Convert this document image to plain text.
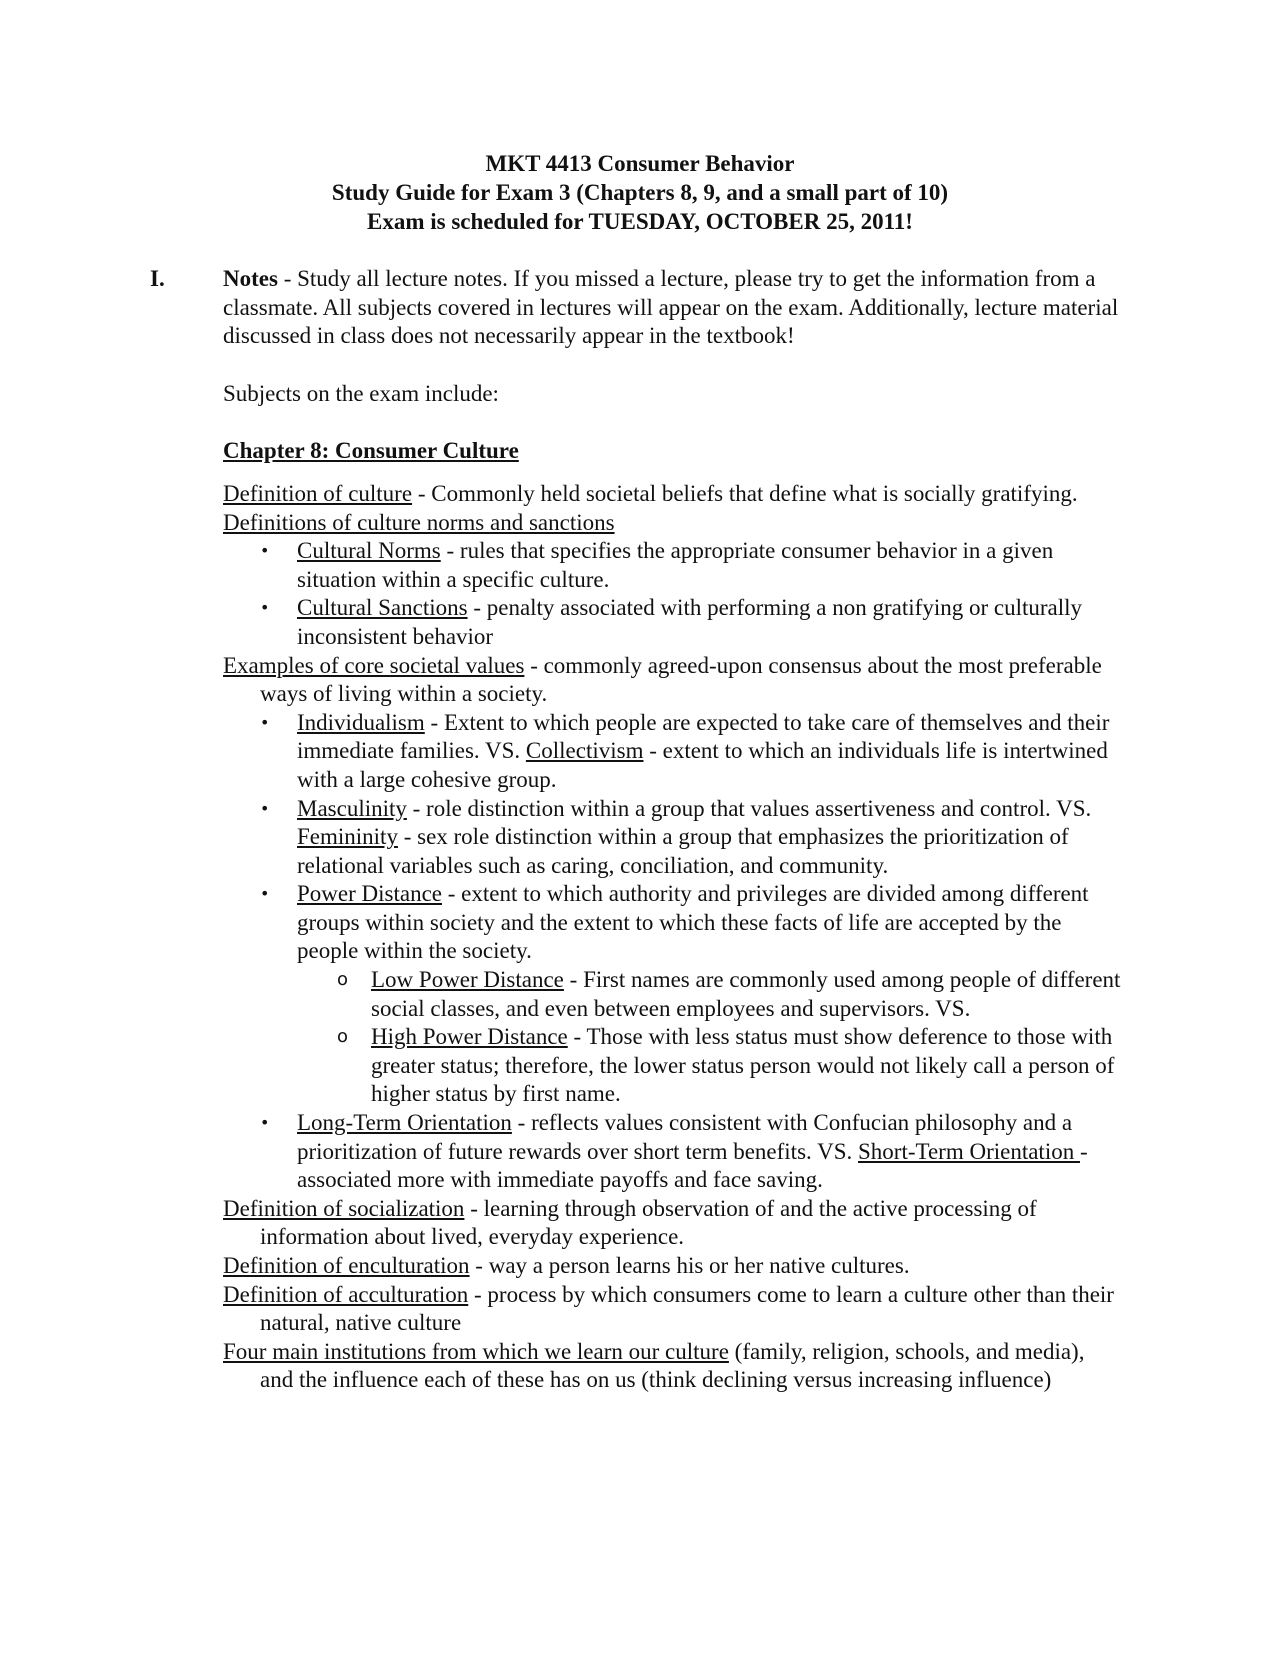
MKT 4413 Consumer Behavior
Study Guide for Exam 3 (Chapters 8, 9, and a small part of 10)
Exam is scheduled for TUESDAY, OCTOBER 25, 2011!
I.	Notes - Study all lecture notes. If you missed a lecture, please try to get the information from a classmate. All subjects covered in lectures will appear on the exam. Additionally, lecture material discussed in class does not necessarily appear in the textbook!

Subjects on the exam include:

Chapter 8: Consumer Culture

Definition of culture - Commonly held societal beliefs that define what is socially gratifying.

Definitions of culture norms and sanctions

• Cultural Norms - rules that specifies the appropriate consumer behavior in a given situation within a specific culture.

• Cultural Sanctions - penalty associated with performing a non gratifying or culturally inconsistent behavior

Examples of core societal values - commonly agreed-upon consensus about the most preferable ways of living within a society.

• Individualism - Extent to which people are expected to take care of themselves and their immediate families. VS. Collectivism - extent to which an individuals life is intertwined with a large cohesive group.

• Masculinity - role distinction within a group that values assertiveness and control. VS. Femininity - sex role distinction within a group that emphasizes the prioritization of relational variables such as caring, conciliation, and community.

• Power Distance - extent to which authority and privileges are divided among different groups within society and the extent to which these facts of life are accepted by the people within the society.

o Low Power Distance - First names are commonly used among people of different social classes, and even between employees and supervisors. VS.

o High Power Distance - Those with less status must show deference to those with greater status; therefore, the lower status person would not likely call a person of higher status by first name.

• Long-Term Orientation - reflects values consistent with Confucian philosophy and a prioritization of future rewards over short term benefits. VS. Short-Term Orientation - associated more with immediate payoffs and face saving.

Definition of socialization - learning through observation of and the active processing of information about lived, everyday experience.

Definition of enculturation - way a person learns his or her native cultures.

Definition of acculturation - process by which consumers come to learn a culture other than their natural, native culture

Four main institutions from which we learn our culture (family, religion, schools, and media), and the influence each of these has on us (think declining versus increasing influence)
